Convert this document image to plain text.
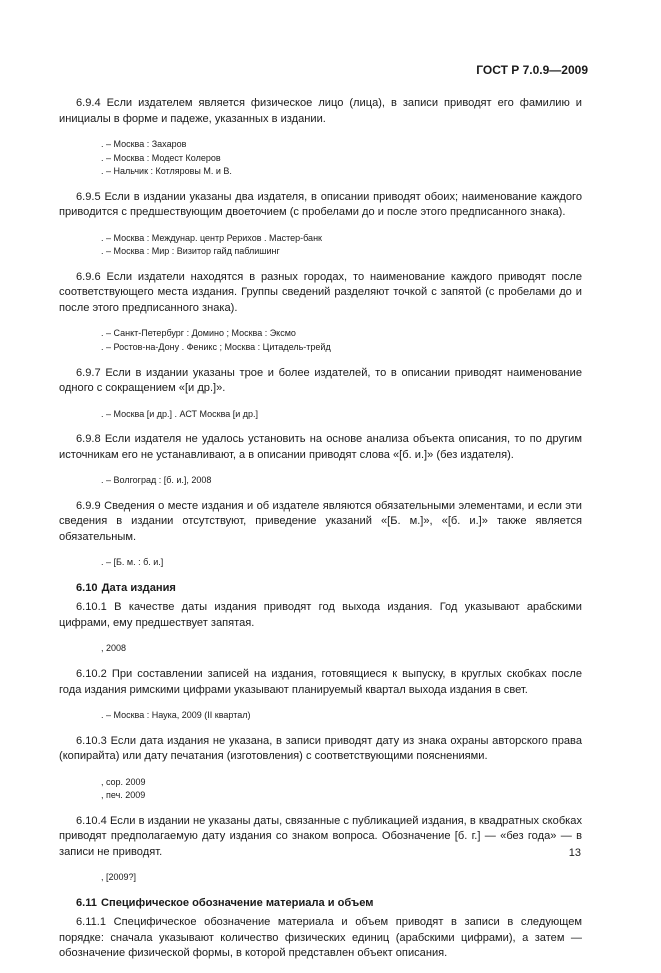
ГОСТ Р 7.0.9—2009

6.9.4 Если издателем является физическое лицо (лица), в записи приводят его фамилию и инициалы в форме и падеже, указанных в издании.

. – Москва : Захаров
. – Москва : Модест Колеров
. – Нальчик : Котляровы М. и В.

6.9.5 Если в издании указаны два издателя, в описании приводят обоих; наименование каждого приводится с предшествующим двоеточием (с пробелами до и после этого предписанного знака).

. – Москва : Междунар. центр Рерихов . Мастер-банк
. – Москва : Мир : Визитор гайд паблишинг

6.9.6 Если издатели находятся в разных городах, то наименование каждого приводят после соответствующего места издания. Группы сведений разделяют точкой с запятой (с пробелами до и после этого предписанного знака).

. – Санкт-Петербург : Домино ; Москва : Эксмо
. – Ростов-на-Дону . Феникс ; Москва : Цитадель-трейд

6.9.7 Если в издании указаны трое и более издателей, то в описании приводят наименование одного с сокращением «[и др.]».

. – Москва [и др.] . АСТ Москва [и др.]

6.9.8 Если издателя не удалось установить на основе анализа объекта описания, то по другим источникам его не устанавливают, а в описании приводят слова «[б. и.]» (без издателя).

. – Волгоград : [б. и.], 2008

6.9.9 Сведения о месте издания и об издателе являются обязательными элементами, и если эти сведения в издании отсутствуют, приведение указаний «[Б. м.]», «[б. и.]» также является обязательным.

. – [Б. м. : б. и.]
6.10 Дата издания

6.10.1 В качестве даты издания приводят год выхода издания. Год указывают арабскими цифрами, ему предшествует запятая.

, 2008

6.10.2 При составлении записей на издания, готовящиеся к выпуску, в круглых скобках после года издания римскими цифрами указывают планируемый квартал выхода издания в свет.

. – Москва : Наука, 2009 (II квартал)

6.10.3 Если дата издания не указана, в записи приводят дату из знака охраны авторского права (копирайта) или дату печатания (изготовления) с соответствующими пояснениями.

, cop. 2009
, печ. 2009

6.10.4 Если в издании не указаны даты, связанные с публикацией издания, в квадратных скобках приводят предполагаемую дату издания со знаком вопроса. Обозначение [б. г.] — «без года» — в записи не приводят.

, [2009?]
6.11 Специфическое обозначение материала и объем

6.11.1 Специфическое обозначение материала и объем приводят в записи в следующем порядке: сначала указывают количество физических единиц (арабскими цифрами), а затем — обозначение физической формы, в которой представлен объект описания.

13
